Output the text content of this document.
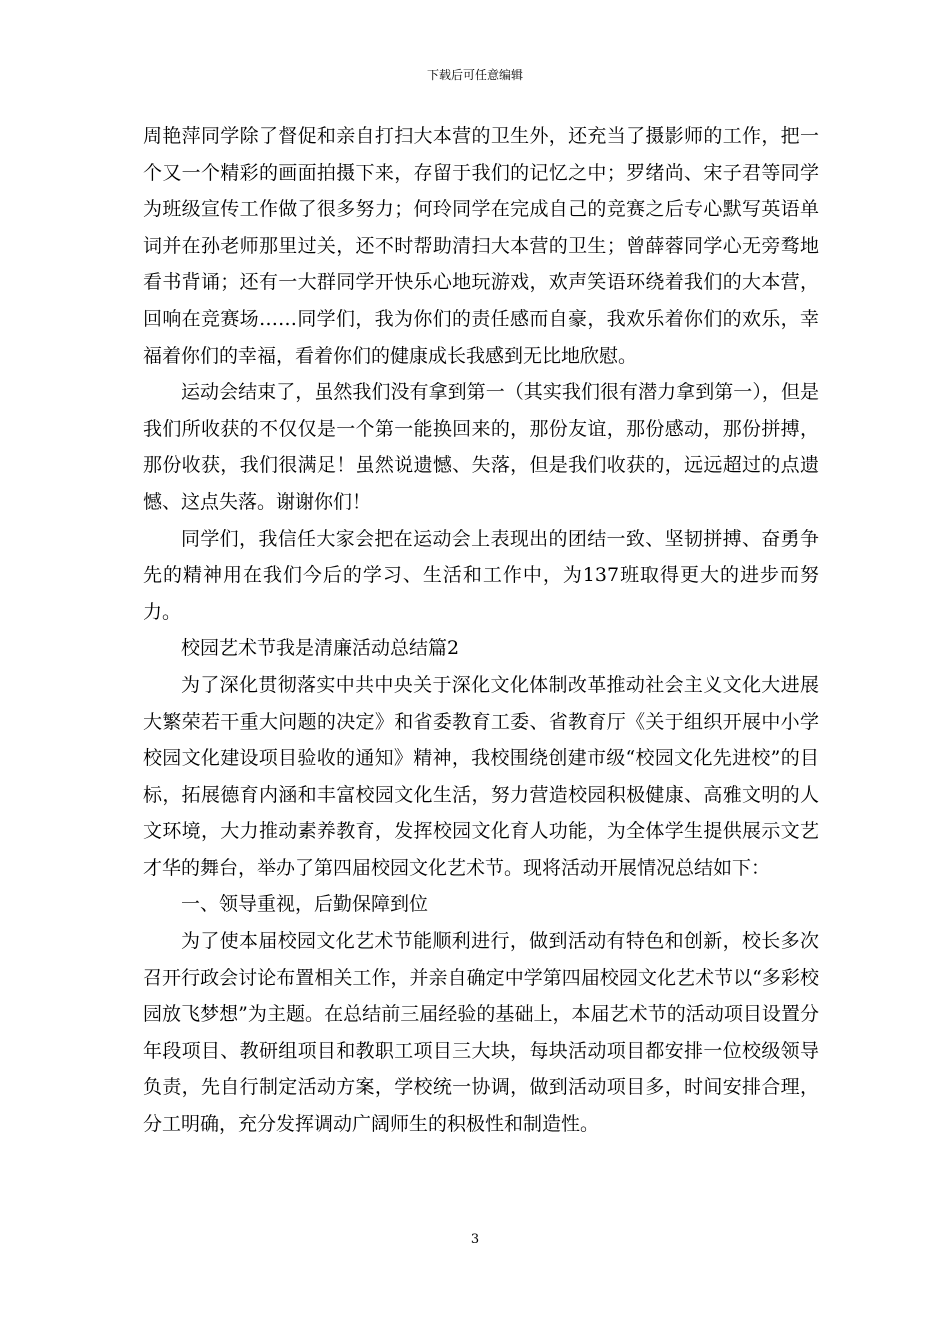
下载后可任意编辑

周艳萍同学除了督促和亲自打扫大本营的卫生外，还充当了摄影师的工作，把一个又一个精彩的画面拍摄下来，存留于我们的记忆之中；罗绪尚、宋子君等同学为班级宣传工作做了很多努力；何玲同学在完成自己的竞赛之后专心默写英语单词并在孙老师那里过关，还不时帮助清扫大本营的卫生；曾薛蓉同学心无旁骛地看书背诵；还有一大群同学开快乐心地玩游戏，欢声笑语环绕着我们的大本营，回响在竞赛场……同学们，我为你们的责任感而自豪，我欢乐着你们的欢乐，幸福着你们的幸福，看着你们的健康成长我感到无比地欣慰。

运动会结束了，虽然我们没有拿到第一（其实我们很有潜力拿到第一），但是我们所收获的不仅仅是一个第一能换回来的，那份友谊，那份感动，那份拼搏，那份收获，我们很满足！虽然说遗憾、失落，但是我们收获的，远远超过的点遗憾、这点失落。谢谢你们！

同学们，我信任大家会把在运动会上表现出的团结一致、坚韧拼搏、奋勇争先的精神用在我们今后的学习、生活和工作中，为137班取得更大的进步而努力。

校园艺术节我是清廉活动总结篇2

为了深化贯彻落实中共中央关于深化文化体制改革推动社会主义文化大进展大繁荣若干重大问题的决定》和省委教育工委、省教育厅《关于组织开展中小学校园文化建设项目验收的通知》精神，我校围绕创建市级“校园文化先进校”的目标，拓展德育内涵和丰富校园文化生活，努力营造校园积极健康、高雅文明的人文环境，大力推动素养教育，发挥校园文化育人功能，为全体学生提供展示文艺才华的舞台，举办了第四届校园文化艺术节。现将活动开展情况总结如下：

一、领导重视，后勤保障到位

为了使本届校园文化艺术节能顺利进行，做到活动有特色和创新，校长多次召开行政会讨论布置相关工作，并亲自确定中学第四届校园文化艺术节以“多彩校园放飞梦想”为主题。在总结前三届经验的基础上，本届艺术节的活动项目设置分年段项目、教研组项目和教职工项目三大块，每块活动项目都安排一位校级领导负责，先自行制定活动方案，学校统一协调，做到活动项目多，时间安排合理，分工明确，充分发挥调动广阔师生的积极性和制造性。

3
